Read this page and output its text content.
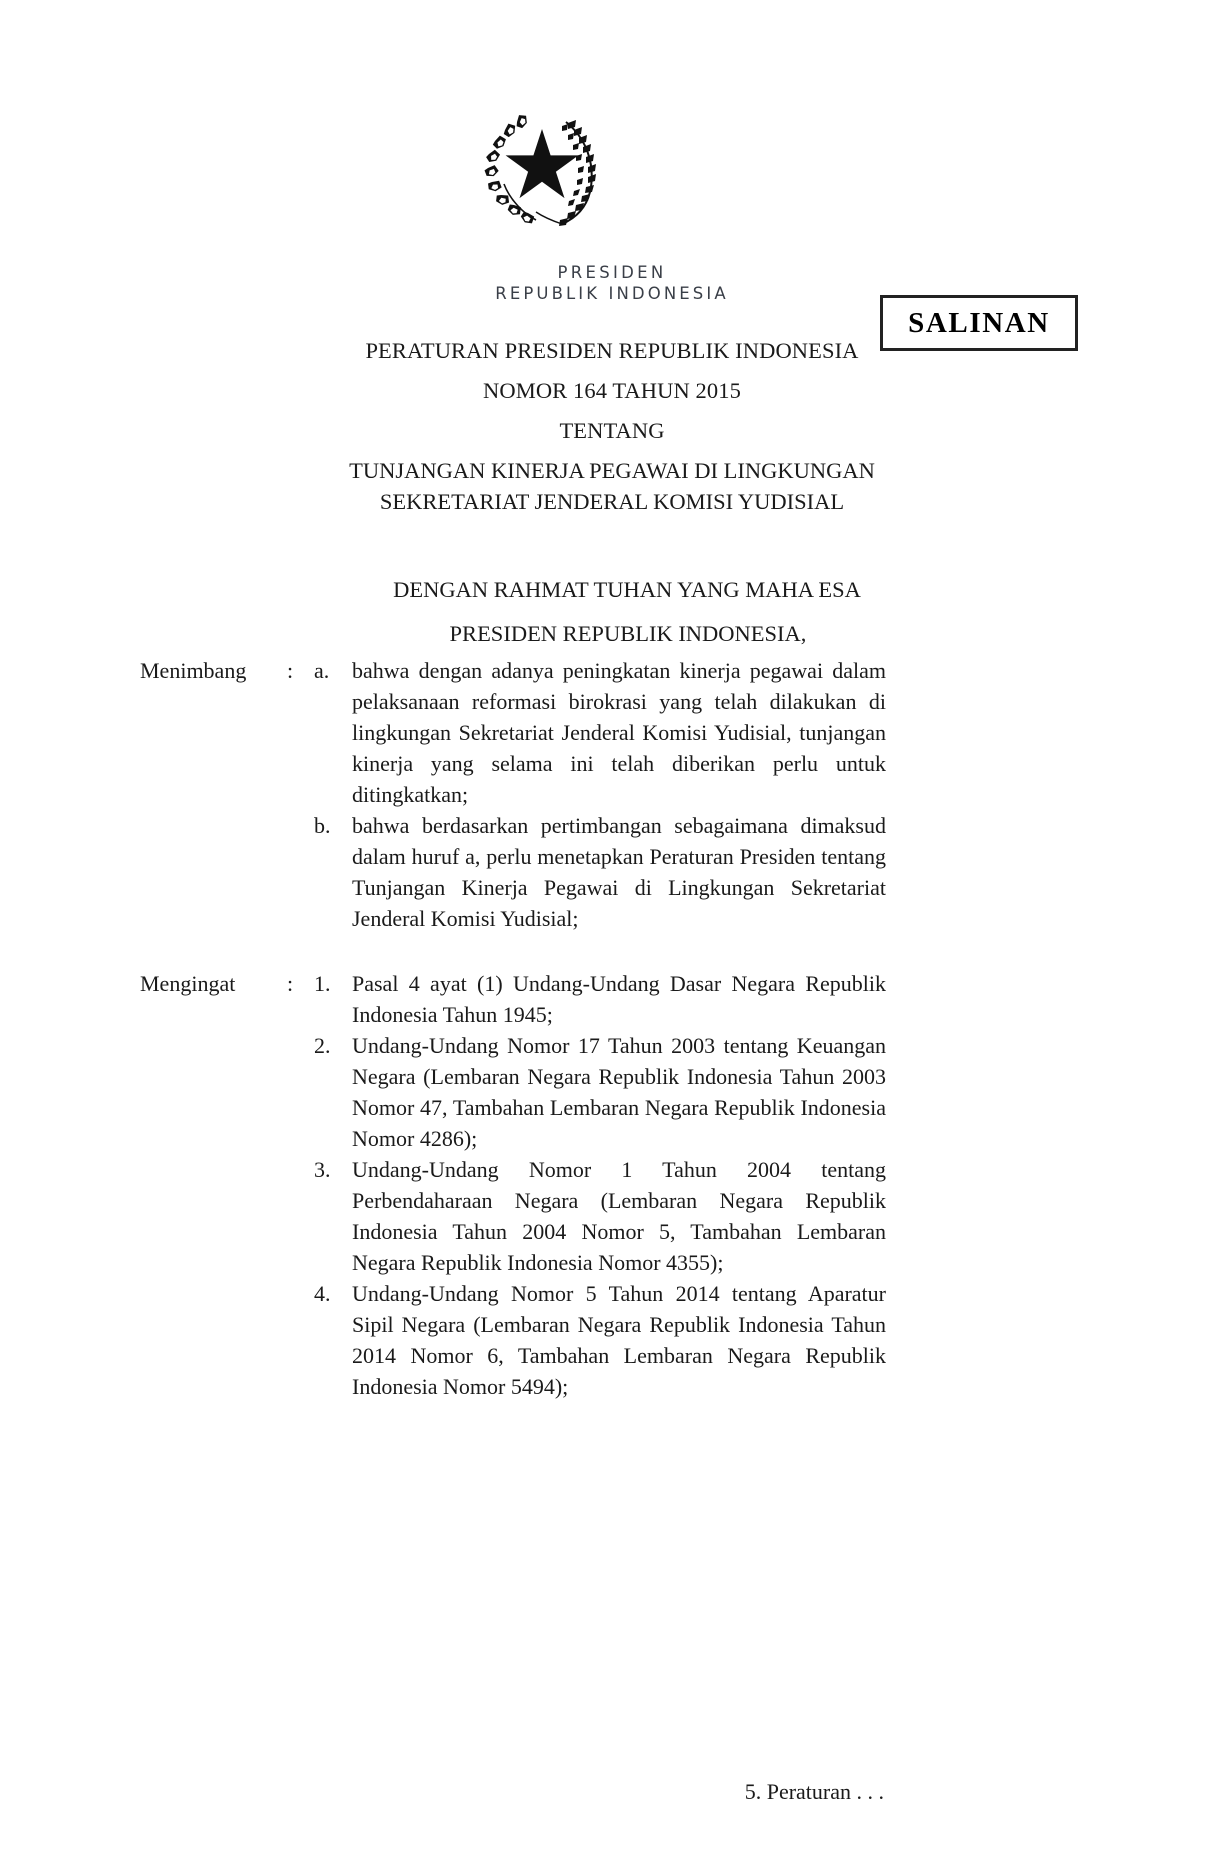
SALINAN
PRESIDEN
REPUBLIK INDONESIA
PERATURAN PRESIDEN REPUBLIK INDONESIA
NOMOR 164 TAHUN 2015
TENTANG
TUNJANGAN KINERJA PEGAWAI DI LINGKUNGAN
SEKRETARIAT JENDERAL KOMISI YUDISIAL
DENGAN RAHMAT TUHAN YANG MAHA ESA
PRESIDEN REPUBLIK INDONESIA,
Menimbang	: a.	bahwa dengan adanya peningkatan kinerja pegawai dalam pelaksanaan reformasi birokrasi yang telah dilakukan di lingkungan Sekretariat Jenderal Komisi Yudisial, tunjangan kinerja yang selama ini telah diberikan perlu untuk ditingkatkan;
b. bahwa berdasarkan pertimbangan sebagaimana dimaksud dalam huruf a, perlu menetapkan Peraturan Presiden tentang Tunjangan Kinerja Pegawai di Lingkungan Sekretariat Jenderal Komisi Yudisial;
Mengingat	: 1. Pasal 4 ayat (1) Undang-Undang Dasar Negara Republik Indonesia Tahun 1945;
2. Undang-Undang Nomor 17 Tahun 2003 tentang Keuangan Negara (Lembaran Negara Republik Indonesia Tahun 2003 Nomor 47, Tambahan Lembaran Negara Republik Indonesia Nomor 4286);
3. Undang-Undang Nomor 1 Tahun 2004 tentang Perbendaharaan Negara (Lembaran Negara Republik Indonesia Tahun 2004 Nomor 5, Tambahan Lembaran Negara Republik Indonesia Nomor 4355);
4. Undang-Undang Nomor 5 Tahun 2014 tentang Aparatur Sipil Negara (Lembaran Negara Republik Indonesia Tahun 2014 Nomor 6, Tambahan Lembaran Negara Republik Indonesia Nomor 5494);
5. Peraturan . . .
